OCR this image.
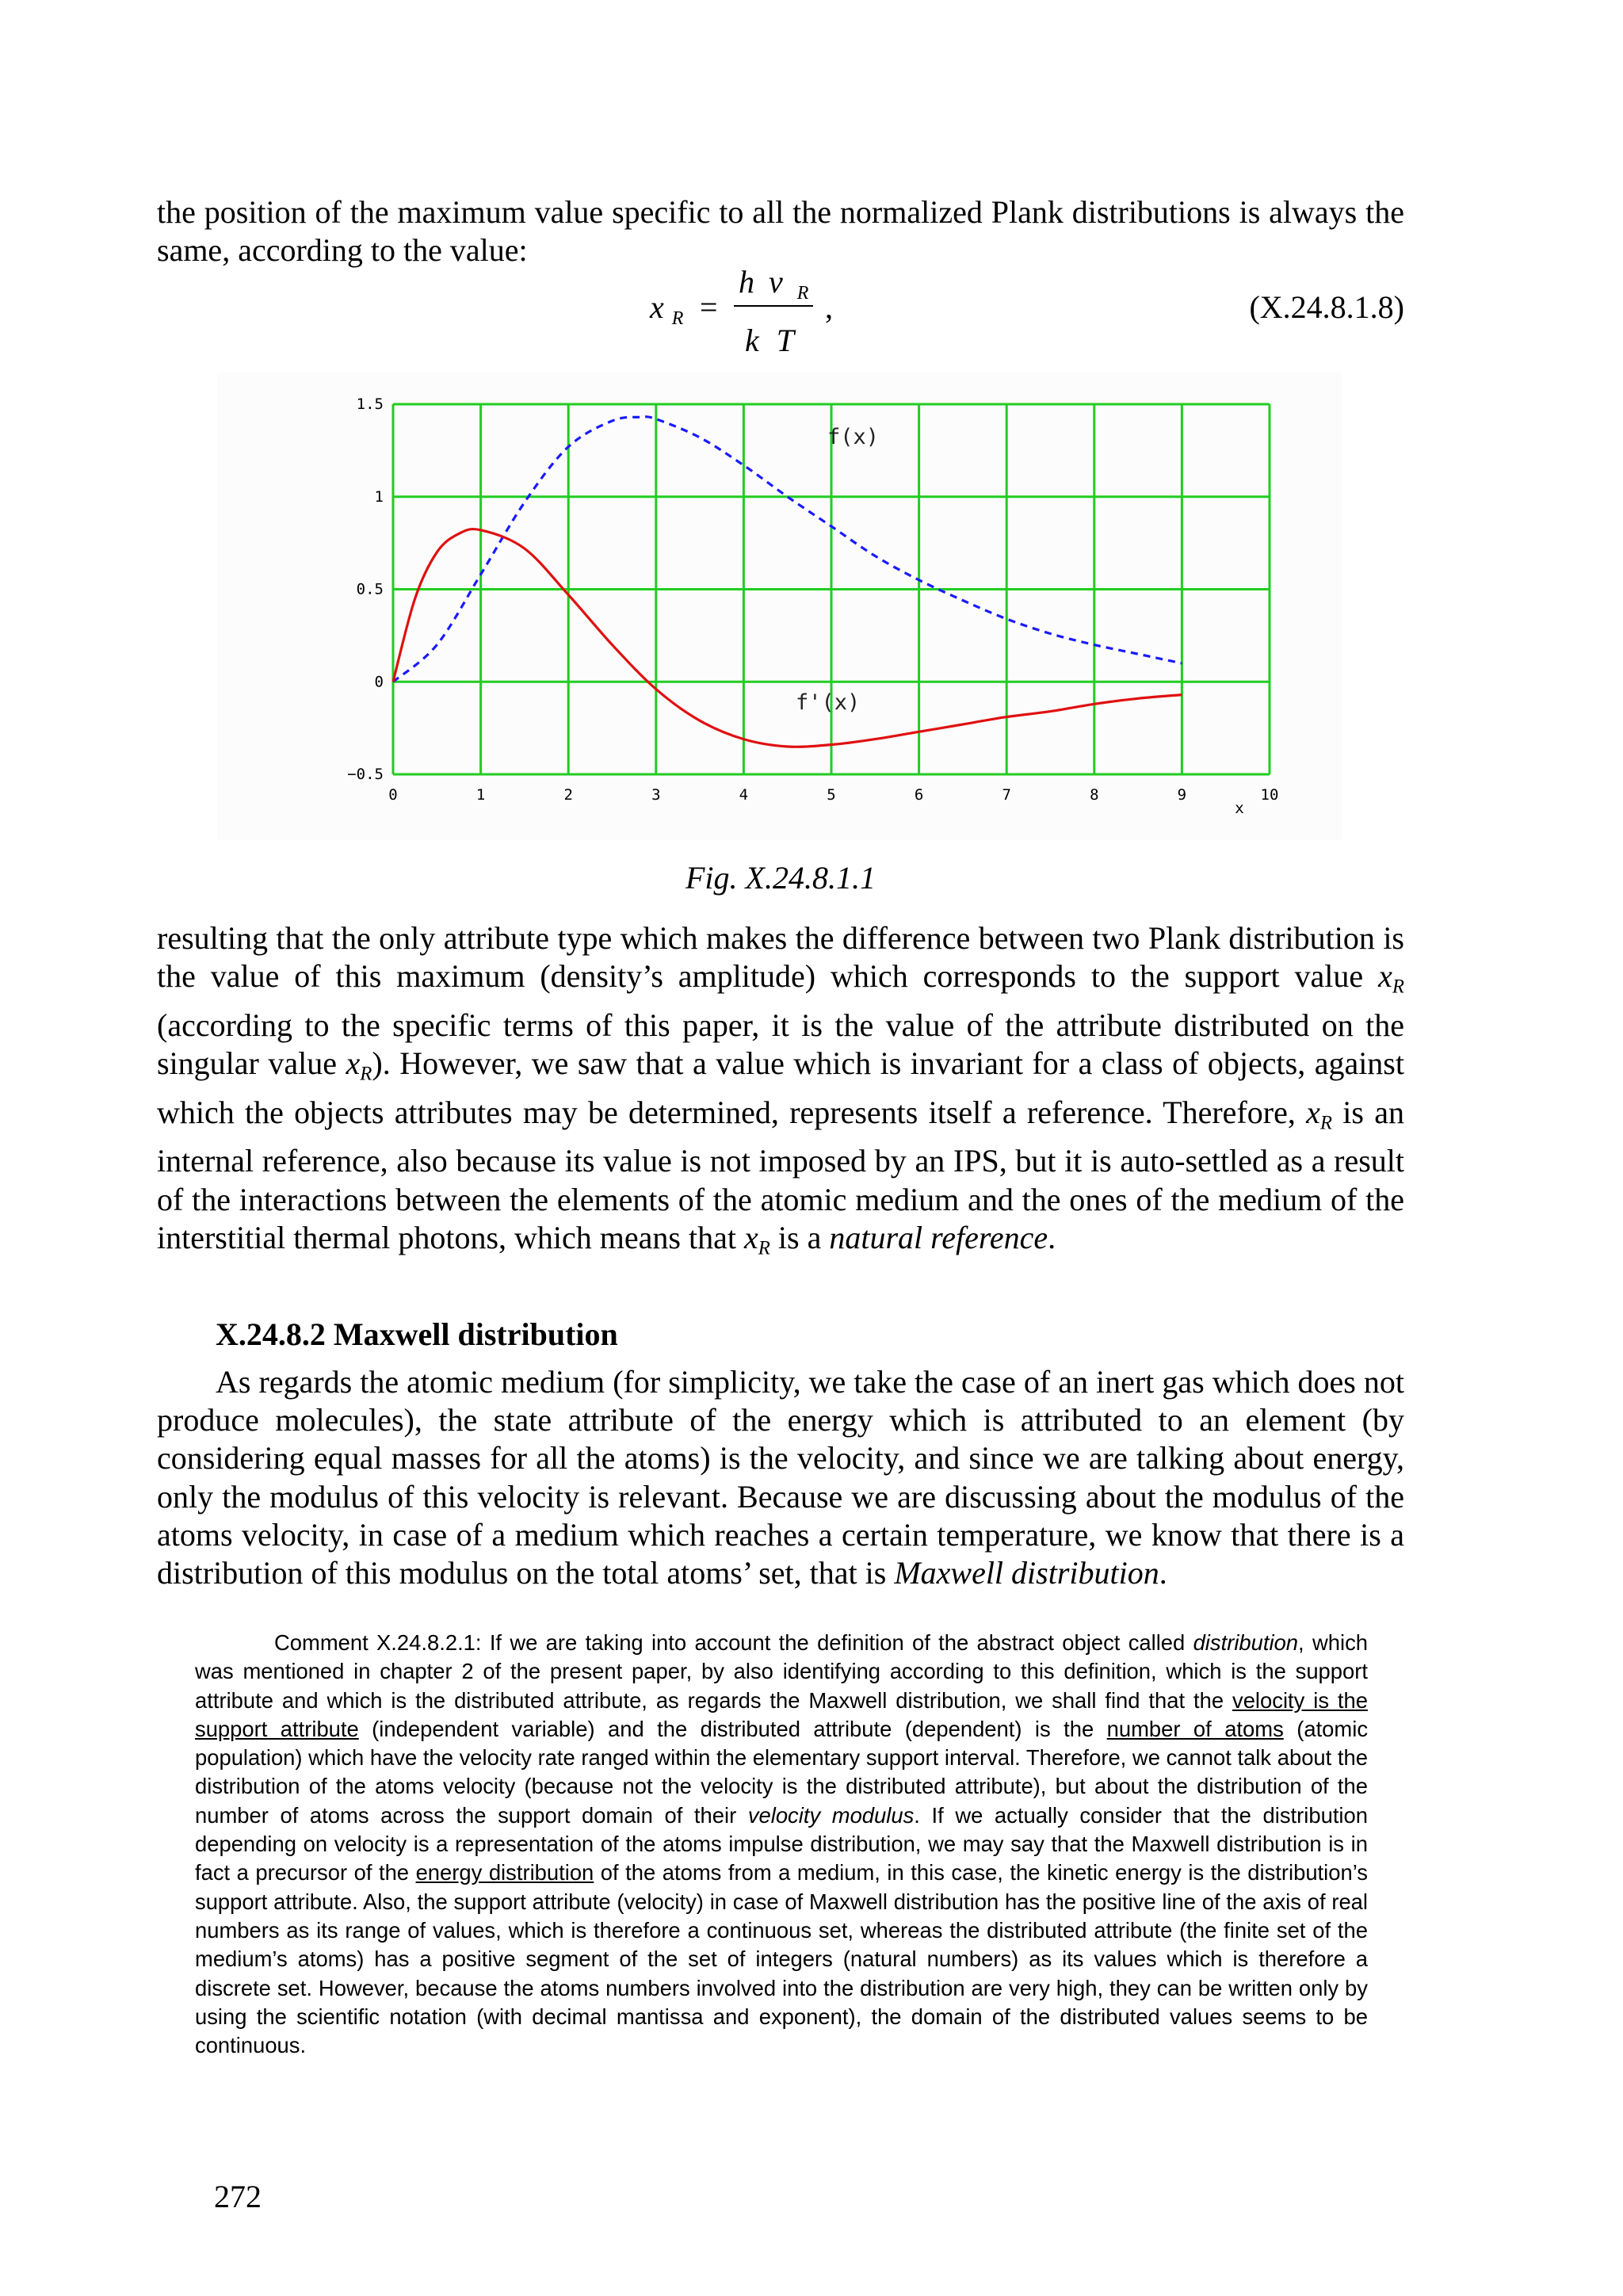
the position of the maximum value specific to all the normalized Plank distributions is always the same, according to the value:

x $_R$ =
h ν $_R$
k T
,	(X.24.8.1.8)
0	1	2	3	4	5	6	7	8	9	10
1.5
1
0.5
0
−0.5
f(x)
f'(x)
x
Fig. X.24.8.1.1

resulting that the only attribute type which makes the difference between two Plank distribution is the value of this maximum (density’s amplitude) which corresponds to the support value $x_R$ (according to the specific terms of this paper, it is the value of the attribute distributed on the singular value $x_R$). However, we saw that a value which is invariant for a class of objects, against which the objects attributes may be determined, represents itself a reference. Therefore, $x_R$ is an internal reference, also because its value is not imposed by an IPS, but it is auto-settled as a result of the interactions between the elements of the atomic medium and the ones of the medium of the interstitial thermal photons, which means that $x_R$ is a natural reference.

X.24.8.2 Maxwell distribution

As regards the atomic medium (for simplicity, we take the case of an inert gas which does not produce molecules), the state attribute of the energy which is attributed to an element (by considering equal masses for all the atoms) is the velocity, and since we are talking about energy, only the modulus of this velocity is relevant. Because we are discussing about the modulus of the atoms velocity, in case of a medium which reaches a certain temperature, we know that there is a distribution of this modulus on the total atoms’ set, that is Maxwell distribution.

Comment X.24.8.2.1: If we are taking into account the definition of the abstract object called distribution, which was mentioned in chapter 2 of the present paper, by also identifying according to this definition, which is the support attribute and which is the distributed attribute, as regards the Maxwell distribution, we shall find that the velocity is the support attribute (independent variable) and the distributed attribute (dependent) is the number of atoms (atomic population) which have the velocity rate ranged within the elementary support interval. Therefore, we cannot talk about the distribution of the atoms velocity (because not the velocity is the distributed attribute), but about the distribution of the number of atoms across the support domain of their velocity modulus. If we actually consider that the distribution depending on velocity is a representation of the atoms impulse distribution, we may say that the Maxwell distribution is in fact a precursor of the energy distribution of the atoms from a medium, in this case, the kinetic energy is the distribution’s support attribute. Also, the support attribute (velocity) in case of Maxwell distribution has the positive line of the axis of real numbers as its range of values, which is therefore a continuous set, whereas the distributed attribute (the finite set of the medium’s atoms) has a positive segment of the set of integers (natural numbers) as its values which is therefore a discrete set. However, because the atoms numbers involved into the distribution are very high, they can be written only by using the scientific notation (with decimal mantissa and exponent), the domain of the distributed values seems to be continuous.

272
